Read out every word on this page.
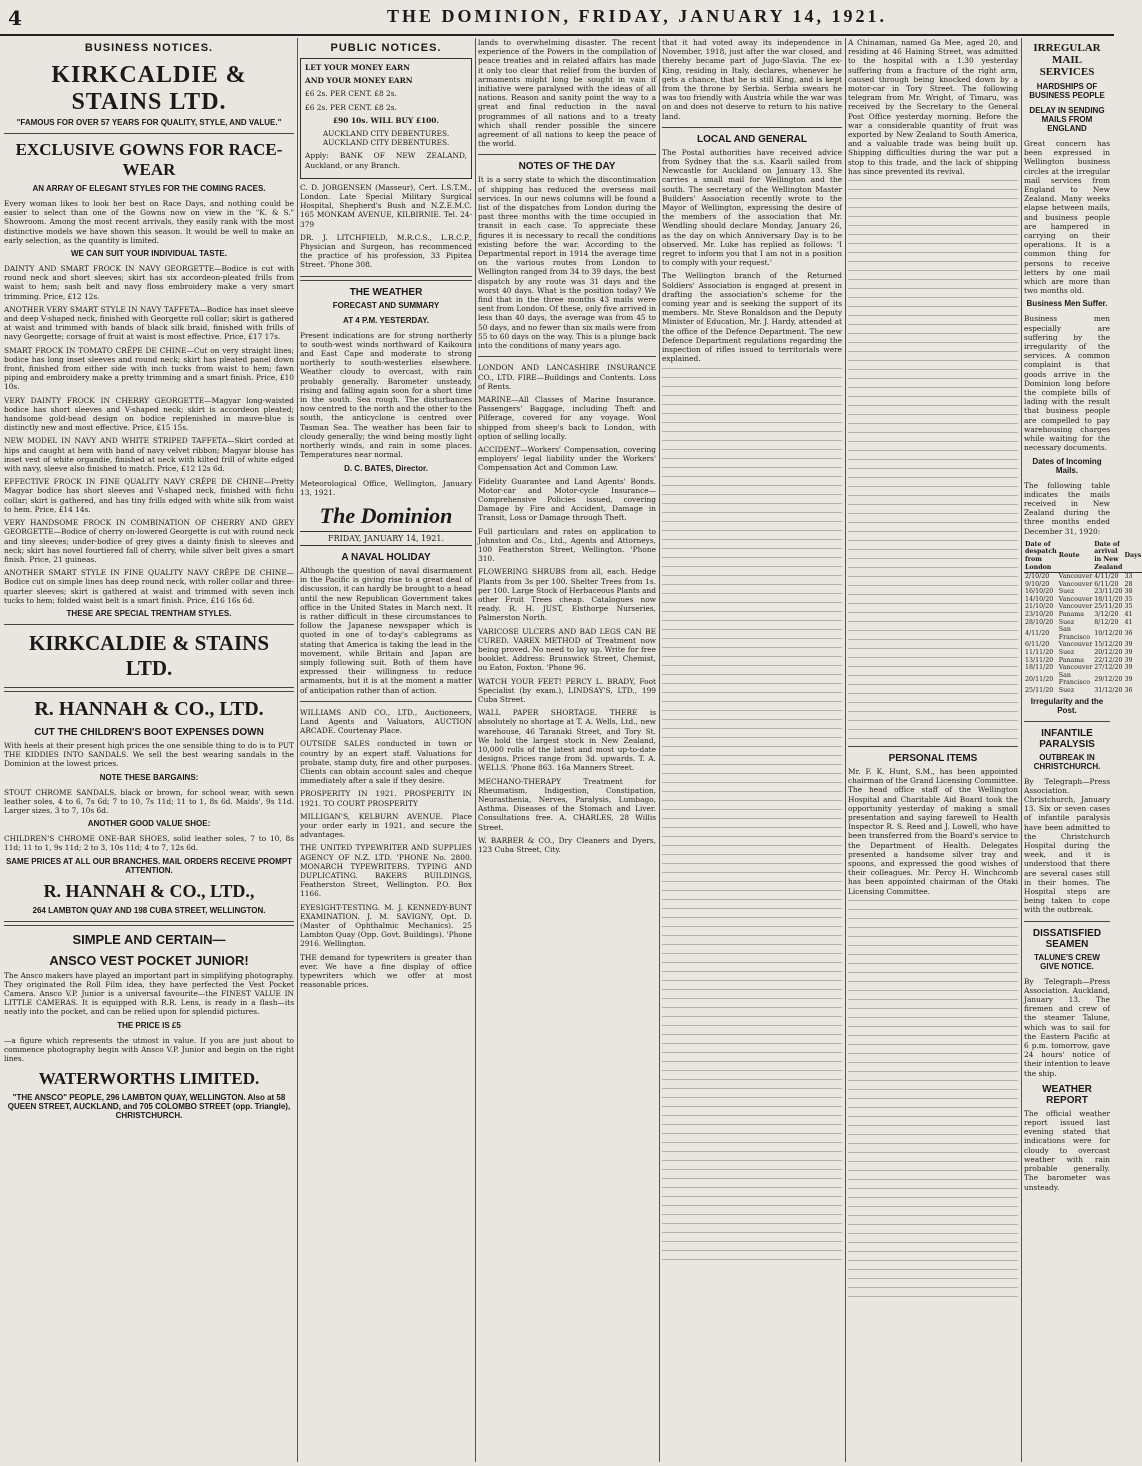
4	THE DOMINION, FRIDAY, JANUARY 14, 1921.
BUSINESS NOTICES.
KIRKCALDIE & STAINS LTD.
"FAMOUS FOR OVER 57 YEARS FOR QUALITY, STYLE, AND VALUE."
EXCLUSIVE GOWNS FOR RACE-WEAR
AN ARRAY OF ELEGANT STYLES FOR THE COMING RACES.

Every woman likes to look her best on Race Days, and nothing could be easier to select than one of the Gowns now on view in the "K. & S." Showroom. Among the most recent arrivals, they easily rank with the most distinctive models we have shown this season. It would be well to make an early selection, as the quantity is limited.

WE CAN SUIT YOUR INDIVIDUAL TASTE.

DAINTY AND SMART FROCK IN NAVY GEORGETTE—Bodice is cut with round neck and short sleeves; skirt has six accordeon-pleated frills from waist to hem; sash belt and navy floss embroidery make a very smart trimming. Price, £12 12s.

ANOTHER VERY SMART STYLE IN NAVY TAFFETA—Bodice has inset sleeve and deep V-shaped neck, finished with Georgette roll collar; skirt is gathered at waist and trimmed with bands of black silk braid, finished with frills of navy Georgette; corsage of fruit at waist is most effective. Price, £17 17s.

SMART FROCK IN TOMATO CRÊPE DE CHINE—Cut on very straight lines; bodice has long inset sleeves and round neck; skirt has pleated panel down front, finished from either side with inch tucks from waist to hem; fawn piping and embroidery make a pretty trimming and a smart finish. Price, £10 10s.

VERY DAINTY FROCK IN CHERRY GEORGETTE—Magyar long-waisted bodice has short sleeves and V-shaped neck; skirt is accordeon pleated; handsome gold-bead design on bodice replenished in mauve-blue is distinctly new and most effective. Price, £15 15s.

NEW MODEL IN NAVY AND WHITE STRIPED TAFFETA—Skirt corded at hips and caught at hem with band of navy velvet ribbon; Magyar blouse has inset vest of white organdie, finished at neck with kilted frill of white edged with navy, sleeve also finished to match. Price, £12 12s 6d.

EFFECTIVE FROCK IN FINE QUALITY NAVY CRÊPE DE CHINE—Pretty Magyar bodice has short sleeves and V-shaped neck, finished with fichu collar; skirt is gathered, and has tiny frills edged with white silk from waist to hem. Price, £14 14s.

VERY HANDSOME FROCK IN COMBINATION OF CHERRY AND GREY GEORGETTE—Bodice of cherry on-lowered Georgette is cut with round neck and tiny sleeves; under-bodice of grey gives a dainty finish to sleeves and neck; skirt has novel fourtiered fall of cherry, while silver belt gives a smart finish. Price, 21 guineas.

ANOTHER SMART STYLE IN FINE QUALITY NAVY CRÊPE DE CHINE—Bodice cut on simple lines has deep round neck, with roller collar and three-quarter sleeves; skirt is gathered at waist and trimmed with seven inch tucks to hem; folded waist belt is a smart finish. Price, £16 16s 6d.

THESE ARE SPECIAL TRENTHAM STYLES.
KIRKCALDIE & STAINS LTD.
R. HANNAH & CO., LTD.
CUT THE CHILDREN'S BOOT EXPENSES DOWN

With heels at their present high prices the one sensible thing to do is to PUT THE KIDDIES INTO SANDALS. We sell the best wearing sandals in the Dominion at the lowest prices.

NOTE THESE BARGAINS:

STOUT CHROME SANDALS, black or brown, for school wear, with sewn leather soles, 4 to 6, 7s 6d; 7 to 10, 7s 11d; 11 to 1, 8s 6d. Maids', 9s 11d. Larger sizes, 3 to 7, 10s 6d.

ANOTHER GOOD VALUE SHOE:

CHILDREN'S CHROME ONE-BAR SHOES, solid leather soles, 7 to 10, 8s 11d; 11 to 1, 9s 11d; 2 to 3, 10s 11d; 4 to 7, 12s 6d.

SAME PRICES AT ALL OUR BRANCHES. MAIL ORDERS RECEIVE PROMPT ATTENTION.
R. HANNAH & CO., LTD.,
264 LAMBTON QUAY AND 198 CUBA STREET, WELLINGTON.
SIMPLE AND CERTAIN—
ANSCO VEST POCKET JUNIOR!

The Ansco makers have played an important part in simplifying photography. They originated the Roll Film idea, they have perfected the Vest Pocket Camera. Ansco V.P. Junior is a universal favourite—the FINEST VALUE IN LITTLE CAMERAS. It is equipped with R.R. Lens, is ready in a flash—its neatly into the pocket, and can be relied upon for splendid pictures.

THE PRICE IS £5

—a figure which represents the utmost in value. If you are just about to commence photography begin with Ansco V.P. Junior and begin on the right lines.

WATERWORTHS LIMITED.
"THE ANSCO" PEOPLE, 296 LAMBTON QUAY, WELLINGTON. Also at 58 QUEEN STREET, AUCKLAND, and 705 COLOMBO STREET (opp. Triangle), CHRISTCHURCH.
PUBLIC NOTICES.
LET YOUR MONEY EARN
AND YOUR MONEY EARN
£6 2s. PER CENT. £8 2s.
£6 2s. PER CENT. £8 2s.
£90 10s. WILL BUY £100.
AUCKLAND CITY DEBENTURES. AUCKLAND CITY DEBENTURES.
Apply: BANK OF NEW ZEALAND, Auckland, or any Branch.

C. D. JORGENSEN (Masseur), Cert. I.S.T.M., London. Late Special Military Surgical Hospital, Shepherd's Bush and N.Z.E.M.C. 165 MONKAM AVENUE, KILBIRNIE. Tel. 24-379

DR. J. LITCHFIELD, M.R.C.S., L.R.C.P., Physician and Surgeon, has recommenced the practice of his profession, 33 Pipitea Street. 'Phone 308.

THE WEATHER
FORECAST AND SUMMARY
AT 4 P.M. YESTERDAY.

Present indications are for strong northerly to south-west winds northward of Kaikoura and East Cape and moderate to strong northerly to south-westerlies elsewhere. Weather cloudy to overcast, with rain probably generally. Barometer unsteady, rising and falling again soon for a short time in the south. Sea rough. The disturbances now centred to the north and the other to the south, the anticyclone is centred over Tasman Sea. The weather has been fair to cloudy generally; the wind being mostly light northerly winds, and rain in some places. Temperatures near normal.

D. C. BATES, Director.

Meteorological Office, Wellington, January 13, 1921.

The Dominion
FRIDAY, JANUARY 14, 1921.
A NAVAL HOLIDAY

Although the question of naval disarmament in the Pacific is giving rise to a great deal of discussion, it can hardly be brought to a head until the new Republican Government takes office in the United States in March next. It is rather difficult in these circumstances to follow the Japanese newspaper which is quoted in one of to-day's cablegrams as stating that America is taking the lead in the movement, while Britain and Japan are simply following suit. Both of them have expressed their willingness to reduce armaments, but it is at the moment a matter of anticipation rather than of action.

WILLIAMS AND CO., LTD., Auctioneers, Land Agents and Valuators, AUCTION ARCADE. Courtenay Place.

OUTSIDE SALES conducted in town or country by an expert staff. Valuations for probate, stamp duty, fire and other purposes. Clients can obtain account sales and cheque immediately after a sale if they desire.

PROSPERITY IN 1921. PROSPERITY IN 1921. TO COURT PROSPERITY

MILLIGAN'S, KELBURN AVENUE. Place your order early in 1921, and secure the advantages.

THE UNITED TYPEWRITER AND SUPPLIES AGENCY OF N.Z. LTD. 'PHONE No. 2800. MONARCH TYPEWRITERS. TYPING AND DUPLICATING. BAKERS BUILDINGS, Featherston Street, Wellington. P.O. Box 1166.

EYESIGHT-TESTING. M. J. KENNEDY-BUNT EXAMINATION. J. M. SAVIGNY, Opt. D. (Master of Ophthalmic Mechanics). 25 Lambton Quay (Opp. Govt. Buildings). 'Phone 2916. Wellington.

THE demand for typewriters is greater than ever. We have a fine display of office typewriters which we offer at most reasonable prices.

lands to overwhelming disaster. The recent experience of the Powers in the compilation of peace treaties and in related affairs has made it only too clear that relief from the burden of armaments might long be sought in vain if initiative were paralysed with the ideas of all nations. Reason and sanity point the way to a great and final reduction in the naval programmes of all nations and to a treaty which shall render possible the sincere agreement of all nations to keep the peace of the world.

NOTES OF THE DAY

It is a sorry state to which the discontinuation of shipping has reduced the overseas mail services. In our news columns will be found a list of the dispatches from London during the past three months with the time occupied in transit in each case. To appreciate these figures it is necessary to recall the conditions existing before the war. According to the Departmental report in 1914 the average time on the various routes from London to Wellington ranged from 34 to 39 days, the best dispatch by any route was 31 days and the worst 40 days. What is the position today? We find that in the three months 43 mails were sent from London. Of these, only five arrived in less than 40 days, the average was from 45 to 50 days, and no fewer than six mails were from 55 to 60 days on the way. This is a plunge back into the conditions of many years ago.

LONDON AND LANCASHIRE INSURANCE CO., LTD. FIRE—Buildings and Contents. Loss of Rents.

MARINE—All Classes of Marine Insurance. Passengers' Baggage, including Theft and Pilferage, covered for any voyage. Wool shipped from sheep's back to London, with option of selling locally.

ACCIDENT—Workers' Compensation, covering employers' legal liability under the Workers' Compensation Act and Common Law.

Fidelity Guarantee and Land Agents' Bonds. Motor-car and Motor-cycle Insurance—Comprehensive Policies issued, covering Damage by Fire and Accident, Damage in Transit, Loss or Damage through Theft.

Full particulars and rates on application to Johnston and Co., Ltd., Agents and Attorneys, 100 Featherston Street, Wellington. 'Phone 310.

FLOWERING SHRUBS from all, each. Hedge Plants from 3s per 100. Shelter Trees from 1s. per 100. Large Stock of Herbaceous Plants and other Fruit Trees cheap. Catalogues now ready. R. H. JUST, Elsthorpe Nurseries, Palmerston North.

VARICOSE ULCERS AND BAD LEGS CAN BE CURED. VAREX METHOD of Treatment now being proved. No need to lay up. Write for free booklet. Address: Brunswick Street, Chemist, ou Eaton, Foxton. 'Phone 96.

WATCH YOUR FEET! PERCY L. BRADY, Foot Specialist (by exam.), LINDSAY'S, LTD., 199 Cuba Street.

WALL PAPER SHORTAGE. THERE is absolutely no shortage at T. A. Wells, Ltd., new warehouse, 46 Taranaki Street, and Tory St. We hold the largest stock in New Zealand, 10,000 rolls of the latest and most up-to-date designs. Prices range from 3d. upwards. T. A. WELLS. 'Phone 863. 16a Manners Street.

MECHANO-THERAPY Treatment for Rheumatism, Indigestion, Constipation, Neurasthenia, Nerves, Paralysis, Lumbago, Asthma. Diseases of the Stomach and Liver. Consultations free. A. CHARLES, 28 Willis Street.

W. BARBER & CO., Dry Cleaners and Dyers, 123 Cuba Street, City.

that it had voted away its independence in November, 1918, just after the war closed, and thereby became part of Jugo-Slavia. The ex-King, residing in Italy, declares, whenever he gets a chance, that he is still King, and is kept from the throne by Serbia. Serbia swears he was too friendly with Austria while the war was on and does not deserve to return to his native land.

LOCAL AND GENERAL

The Postal authorities have received advice from Sydney that the s.s. Kaarli sailed from Newcastle for Auckland on January 13. She carries a small mail for Wellington and the south. The secretary of the Wellington Master Builders' Association recently wrote to the Mayor of Wellington, expressing the desire of the members of the association that Mr. Wendling should declare Monday, January 26, as the day on which Anniversary Day is to be observed. Mr. Luke has replied as follows: 'I regret to inform you that I am not in a position to comply with your request.'

The Wellington branch of the Returned Soldiers' Association is engaged at present in drafting the association's scheme for the coming year and is seeking the support of its members. Mr. Steve Ronaldson and the Deputy Minister of Education, Mr. J. Hardy, attended at the office of the Defence Department. The new Defence Department regulations regarding the inspection of rifles issued to territorials were explained.

A Chinaman, named Ga Mee, aged 20, and residing at 46 Haining Street, was admitted to the hospital with a 1.30 yesterday suffering from a fracture of the right arm, caused through being knocked down by a motor-car in Tory Street. The following telegram from Mr. Wright, of Timaru, was received by the Secretary to the General Post Office yesterday morning. Before the war a considerable quantity of fruit was exported by New Zealand to South America, and a valuable trade was being built up. Shipping difficulties during the war put a stop to this trade, and the lack of shipping has since prevented its revival.

PERSONAL ITEMS

Mr. F. K. Hunt, S.M., has been appointed chairman of the Grand Licensing Committee. The head office staff of the Wellington Hospital and Charitable Aid Board took the opportunity yesterday of making a small presentation and saying farewell to Health Inspector R. S. Reed and J. Lowell, who have been transferred from the Board's service to the Department of Health. Delegates presented a handsome silver tray and spoons, and expressed the good wishes of their colleagues. Mr. Percy H. Winchcomb has been appointed chairman of the Otaki Licensing Committee.

IRREGULAR MAIL SERVICES
HARDSHIPS OF BUSINESS PEOPLE
DELAY IN SENDING MAILS FROM ENGLAND

Great concern has been expressed in Wellington business circles at the irregular mail services from England to New Zealand. Many weeks elapse between mails, and business people are hampered in carrying on their operations. It is a common thing for persons to receive letters by one mail which are more than two months old.

Business Men Suffer.

Business men especially are suffering by the irregularity of the services. A common complaint is that goods arrive in the Dominion long before the complete bills of lading with the result that business people are compelled to pay warehousing charges while waiting for the necessary documents.

Dates of Incoming Mails.

The following table indicates the mails received in New Zealand during the three months ended December 31, 1920:

Date of despatch from London	Route	Date of arrival in New Zealand	Days
2/10/20	Vancouver	4/11/20	33
9/10/20	Vancouver	6/11/20	28
16/10/20	Suez	23/11/20	38
14/10/20	Vancouver	18/11/20	35
21/10/20	Vancouver	25/11/20	35
23/10/20	Panama	3/12/20	41
28/10/20	Suez	8/12/20	41
4/11/20	San Francisco	10/12/20	36
6/11/20	Vancouver	15/12/20	39
11/11/20	Suez	20/12/20	39
13/11/20	Panama	22/12/20	39
18/11/20	Vancouver	27/12/20	39
20/11/20	San Francisco	29/12/20	39
25/11/20	Suez	31/12/20	36
Irregularity and the Post.
INFANTILE PARALYSIS
OUTBREAK IN CHRISTCHURCH.

By Telegraph—Press Association. Christchurch, January 13. Six or seven cases of infantile paralysis have been admitted to the Christchurch Hospital during the week, and it is understood that there are several cases still in their homes. The Hospital steps are being taken to cope with the outbreak.

DISSATISFIED SEAMEN
TALUNE'S CREW GIVE NOTICE.

By Telegraph—Press Association. Auckland, January 13. The firemen and crew of the steamer Talune, which was to sail for the Eastern Pacific at 6 p.m. tomorrow, gave 24 hours' notice of their intention to leave the ship.

WEATHER REPORT

The official weather report issued last evening stated that indications were for cloudy to overcast weather with rain probable generally. The barometer was unsteady.
